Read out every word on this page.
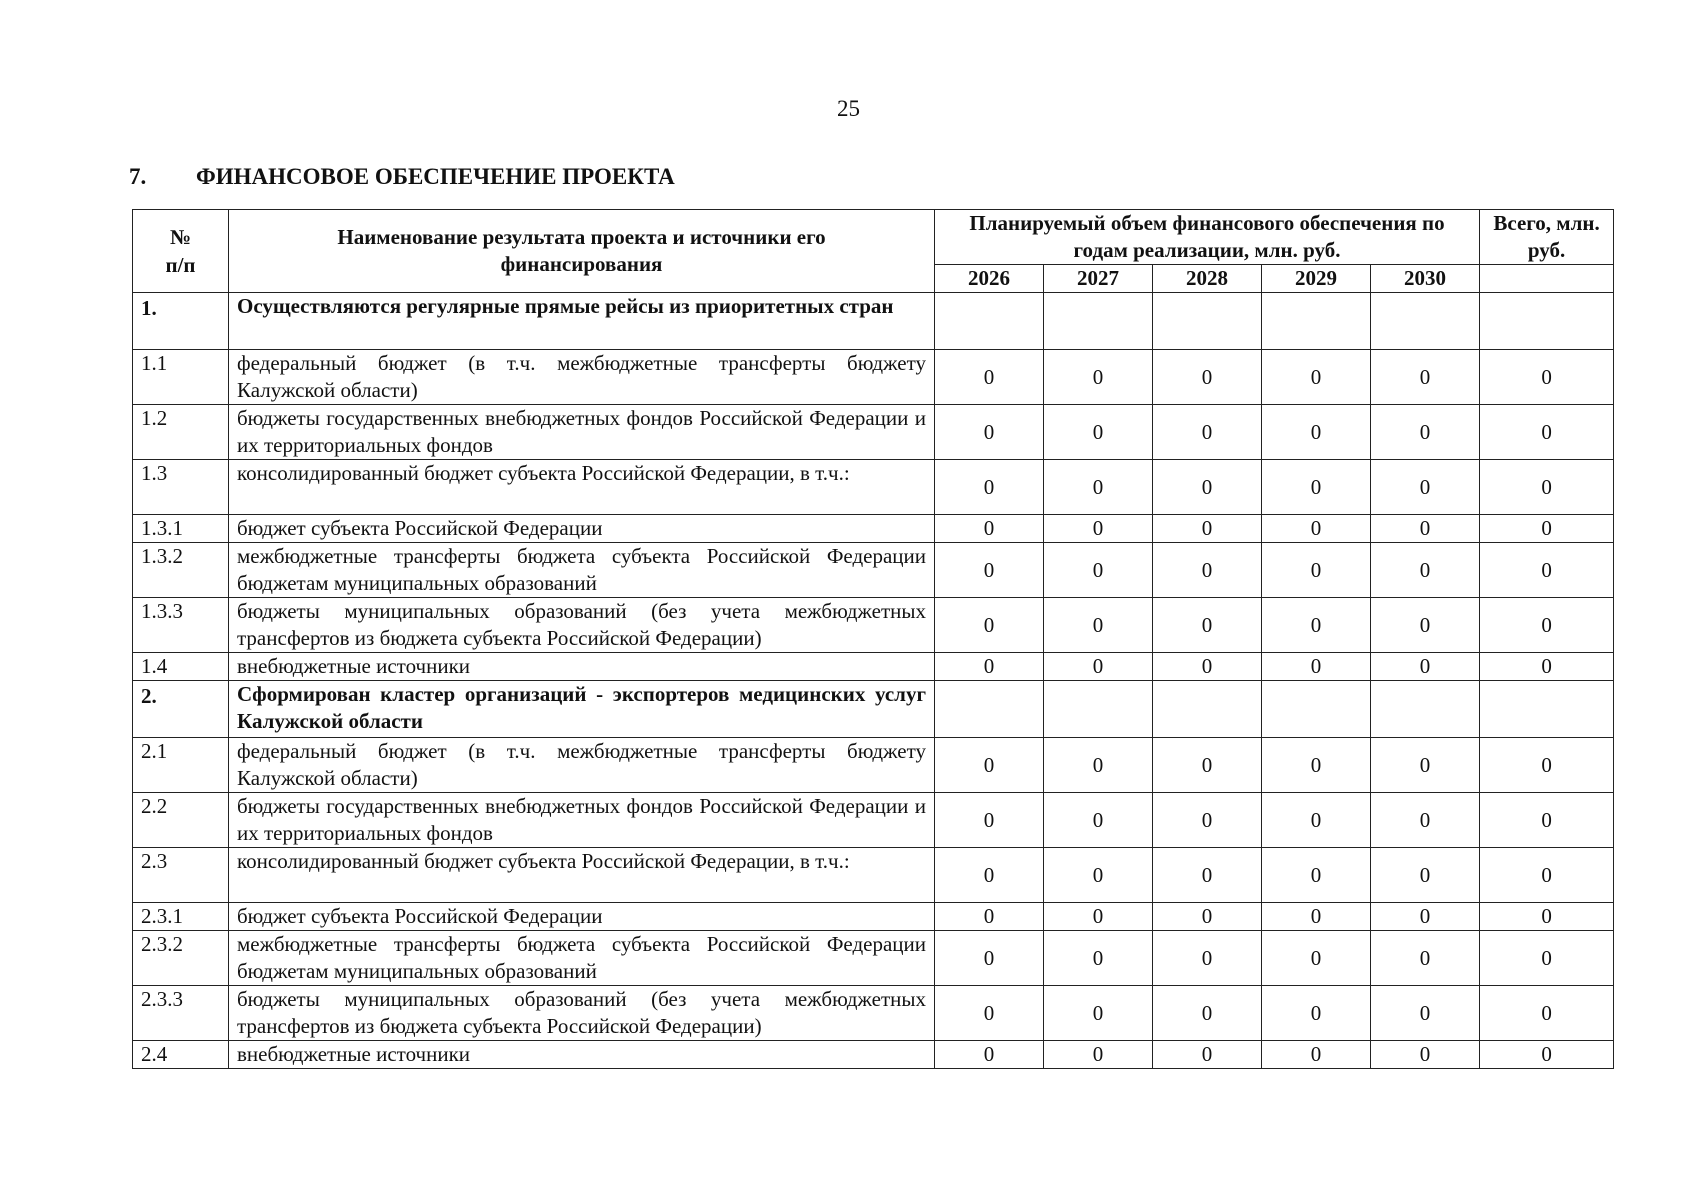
25
7. ФИНАНСОВОЕ ОБЕСПЕЧЕНИЕ ПРОЕКТА
№
п/п	Наименование результата проекта и источники его финансирования	Планируемый объем финансового обеспечения по годам реализации, млн. руб.					Всего, млн. руб.
		2026	2027	2028	2029	2030	
1.	Осуществляются регулярные прямые рейсы из приоритетных стран						
1.1	федеральный бюджет (в т.ч. межбюджетные трансферты бюджету Калужской области)	0	0	0	0	0	0
1.2	бюджеты государственных внебюджетных фондов Российской Федерации и их территориальных фондов	0	0	0	0	0	0
1.3	консолидированный бюджет субъекта Российской Федерации, в т.ч.:	0	0	0	0	0	0
1.3.1	бюджет субъекта Российской Федерации	0	0	0	0	0	0
1.3.2	межбюджетные трансферты бюджета субъекта Российской Федерации бюджетам муниципальных образований	0	0	0	0	0	0
1.3.3	бюджеты муниципальных образований (без учета межбюджетных трансфертов из бюджета субъекта Российской Федерации)	0	0	0	0	0	0
1.4	внебюджетные источники	0	0	0	0	0	0
2.	Сформирован кластер организаций - экспортеров медицинских услуг Калужской области						
2.1	федеральный бюджет (в т.ч. межбюджетные трансферты бюджету Калужской области)	0	0	0	0	0	0
2.2	бюджеты государственных внебюджетных фондов Российской Федерации и их территориальных фондов	0	0	0	0	0	0
2.3	консолидированный бюджет субъекта Российской Федерации, в т.ч.:	0	0	0	0	0	0
2.3.1	бюджет субъекта Российской Федерации	0	0	0	0	0	0
2.3.2	межбюджетные трансферты бюджета субъекта Российской Федерации бюджетам муниципальных образований	0	0	0	0	0	0
2.3.3	бюджеты муниципальных образований (без учета межбюджетных трансфертов из бюджета субъекта Российской Федерации)	0	0	0	0	0	0
2.4	внебюджетные источники	0	0	0	0	0	0
